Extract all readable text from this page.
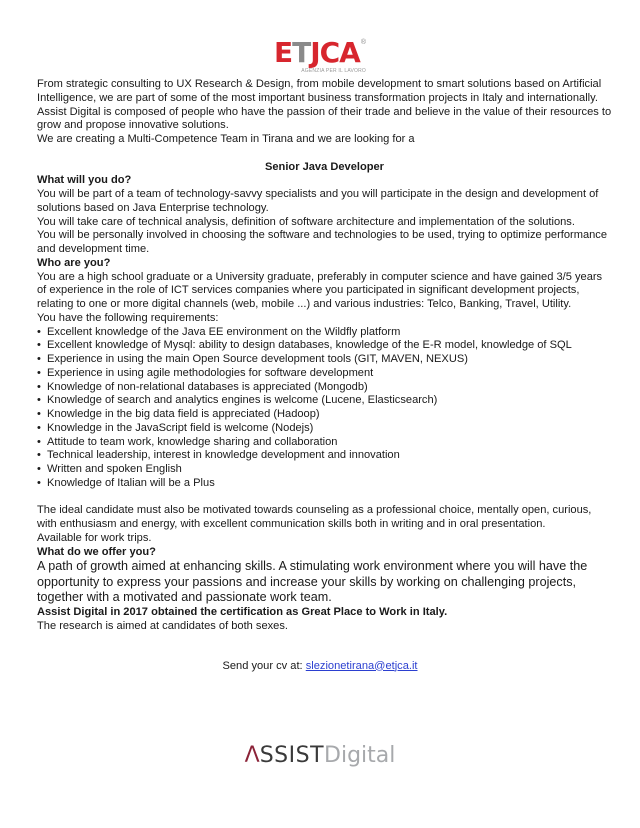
ETJCA®
AGENZIA PER IL LAVORO

From strategic consulting to UX Research & Design, from mobile development to smart solutions based on Artificial Intelligence, we are part of some of the most important business transformation projects in Italy and internationally.

Assist Digital is composed of people who have the passion of their trade and believe in the value of their resources to grow and propose innovative solutions.

We are creating a Multi-Competence Team in Tirana and we are looking for a

Senior Java Developer

What will you do?

You will be part of a team of technology-savvy specialists and you will participate in the design and development of solutions based on Java Enterprise technology.

You will take care of technical analysis, definition of software architecture and implementation of the solutions.

You will be personally involved in choosing the software and technologies to be used, trying to optimize performance and development time.

Who are you?

You are a high school graduate or a University graduate, preferably in computer science and have gained 3/5 years of experience in the role of ICT services companies where you participated in significant development projects, relating to one or more digital channels (web, mobile ...) and various industries: Telco, Banking, Travel, Utility.

You have the following requirements:

• Excellent knowledge of the Java EE environment on the Wildfly platform
• Excellent knowledge of Mysql: ability to design databases, knowledge of the E-R model, knowledge of SQL
• Experience in using the main Open Source development tools (GIT, MAVEN, NEXUS)
• Experience in using agile methodologies for software development
• Knowledge of non-relational databases is appreciated (Mongodb)
• Knowledge of search and analytics engines is welcome (Lucene, Elasticsearch)
• Knowledge in the big data field is appreciated (Hadoop)
• Knowledge in the JavaScript field is welcome (Nodejs)
• Attitude to team work, knowledge sharing and collaboration
• Technical leadership, interest in knowledge development and innovation
• Written and spoken English
• Knowledge of Italian will be a Plus

The ideal candidate must also be motivated towards counseling as a professional choice, mentally open, curious, with enthusiasm and energy, with excellent communication skills both in writing and in oral presentation.

Available for work trips.

What do we offer you?

A path of growth aimed at enhancing skills. A stimulating work environment where you will have the opportunity to express your passions and increase your skills by working on challenging projects, together with a motivated and passionate work team.

Assist Digital in 2017 obtained the certification as Great Place to Work in Italy.

The research is aimed at candidates of both sexes.

Send your cv at: slezionetirana@etjca.it
ΛSSISTDigital
